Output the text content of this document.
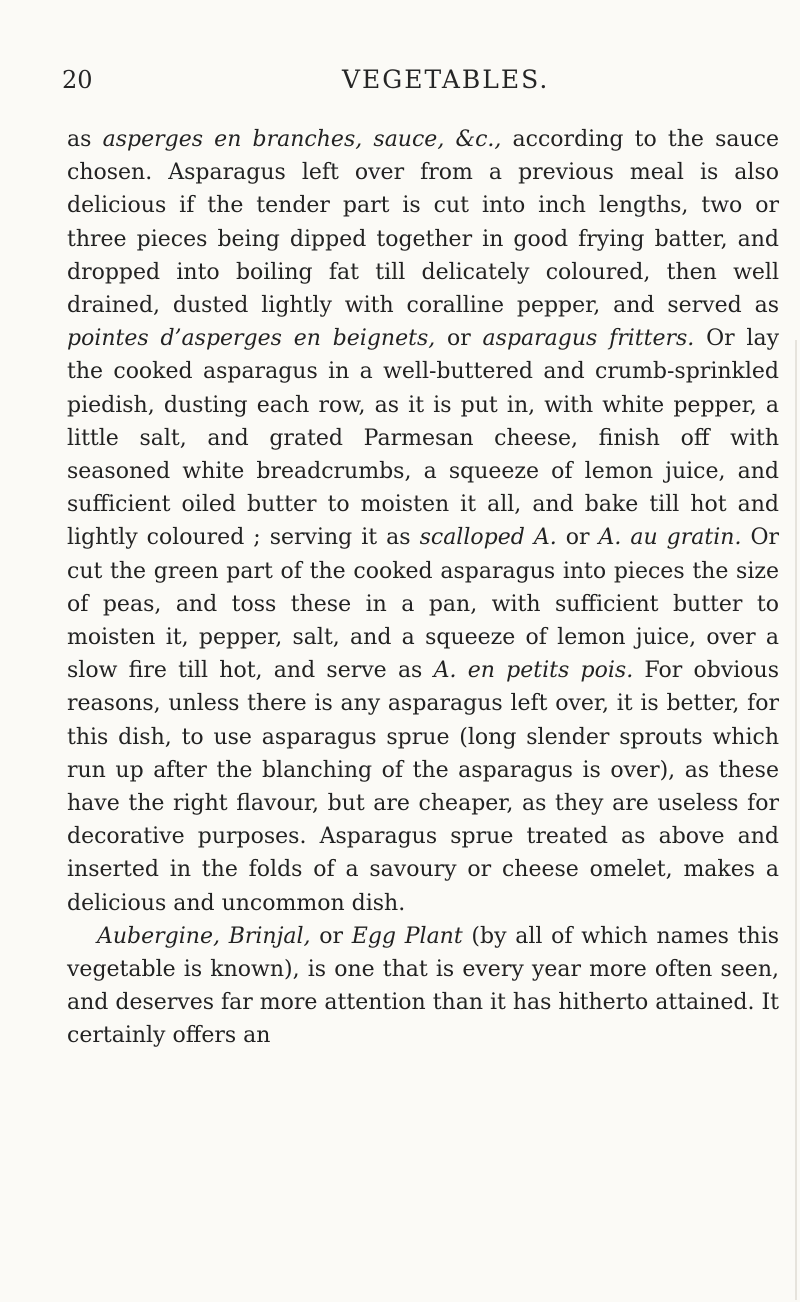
20	VEGETABLES.

as asperges en branches, sauce, &c., according to the sauce chosen. Asparagus left over from a previous meal is also delicious if the tender part is cut into inch lengths, two or three pieces being dipped together in good frying batter, and dropped into boiling fat till delicately coloured, then well drained, dusted lightly with coralline pepper, and served as pointes d’asperges en beignets, or asparagus fritters. Or lay the cooked asparagus in a well-buttered and crumb-sprinkled piedish, dusting each row, as it is put in, with white pepper, a little salt, and grated Parmesan cheese, finish off with seasoned white breadcrumbs, a squeeze of lemon juice, and sufficient oiled butter to moisten it all, and bake till hot and lightly coloured ; serving it as scalloped A. or A. au gratin. Or cut the green part of the cooked asparagus into pieces the size of peas, and toss these in a pan, with sufficient butter to moisten it, pepper, salt, and a squeeze of lemon juice, over a slow fire till hot, and serve as A. en petits pois. For obvious reasons, unless there is any asparagus left over, it is better, for this dish, to use asparagus sprue (long slender sprouts which run up after the blanching of the asparagus is over), as these have the right flavour, but are cheaper, as they are useless for decorative purposes. Asparagus sprue treated as above and inserted in the folds of a savoury or cheese omelet, makes a delicious and uncommon dish.

Aubergine, Brinjal, or Egg Plant (by all of which names this vegetable is known), is one that is every year more often seen, and deserves far more attention than it has hitherto attained. It certainly offers an
